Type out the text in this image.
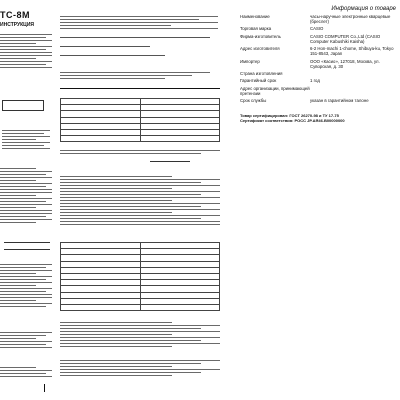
TC-8M
ИНСТРУКЦИЯ

Информация о товаре
Наименование	часы-наручные электронные кварцевые (бреслет)
Торговая марка	CASIO
Фирма-изготовитель	CASIO COMPUTER Co.,Ltd (CASIO Computer Kabushiki Kaisha)
Адрес изготовителя	6-2 Hon-machi 1-chome, Shibuya-ku, Tokyo 151-8543, Japan
Импортер	ООО «Касио», 127018, Москва, ул. Суворская, д. 30
Страна изготовления	
Гарантийный срок	1 год
Адрес организации, принимающей претензии	
Срок службы	указан в гарантийном талоне
Товар сертифицирован: ГОСТ 26270-98 и ТУ 17-75
Сертификат соответствия: РОСС JP.АЯ46.В00000000
